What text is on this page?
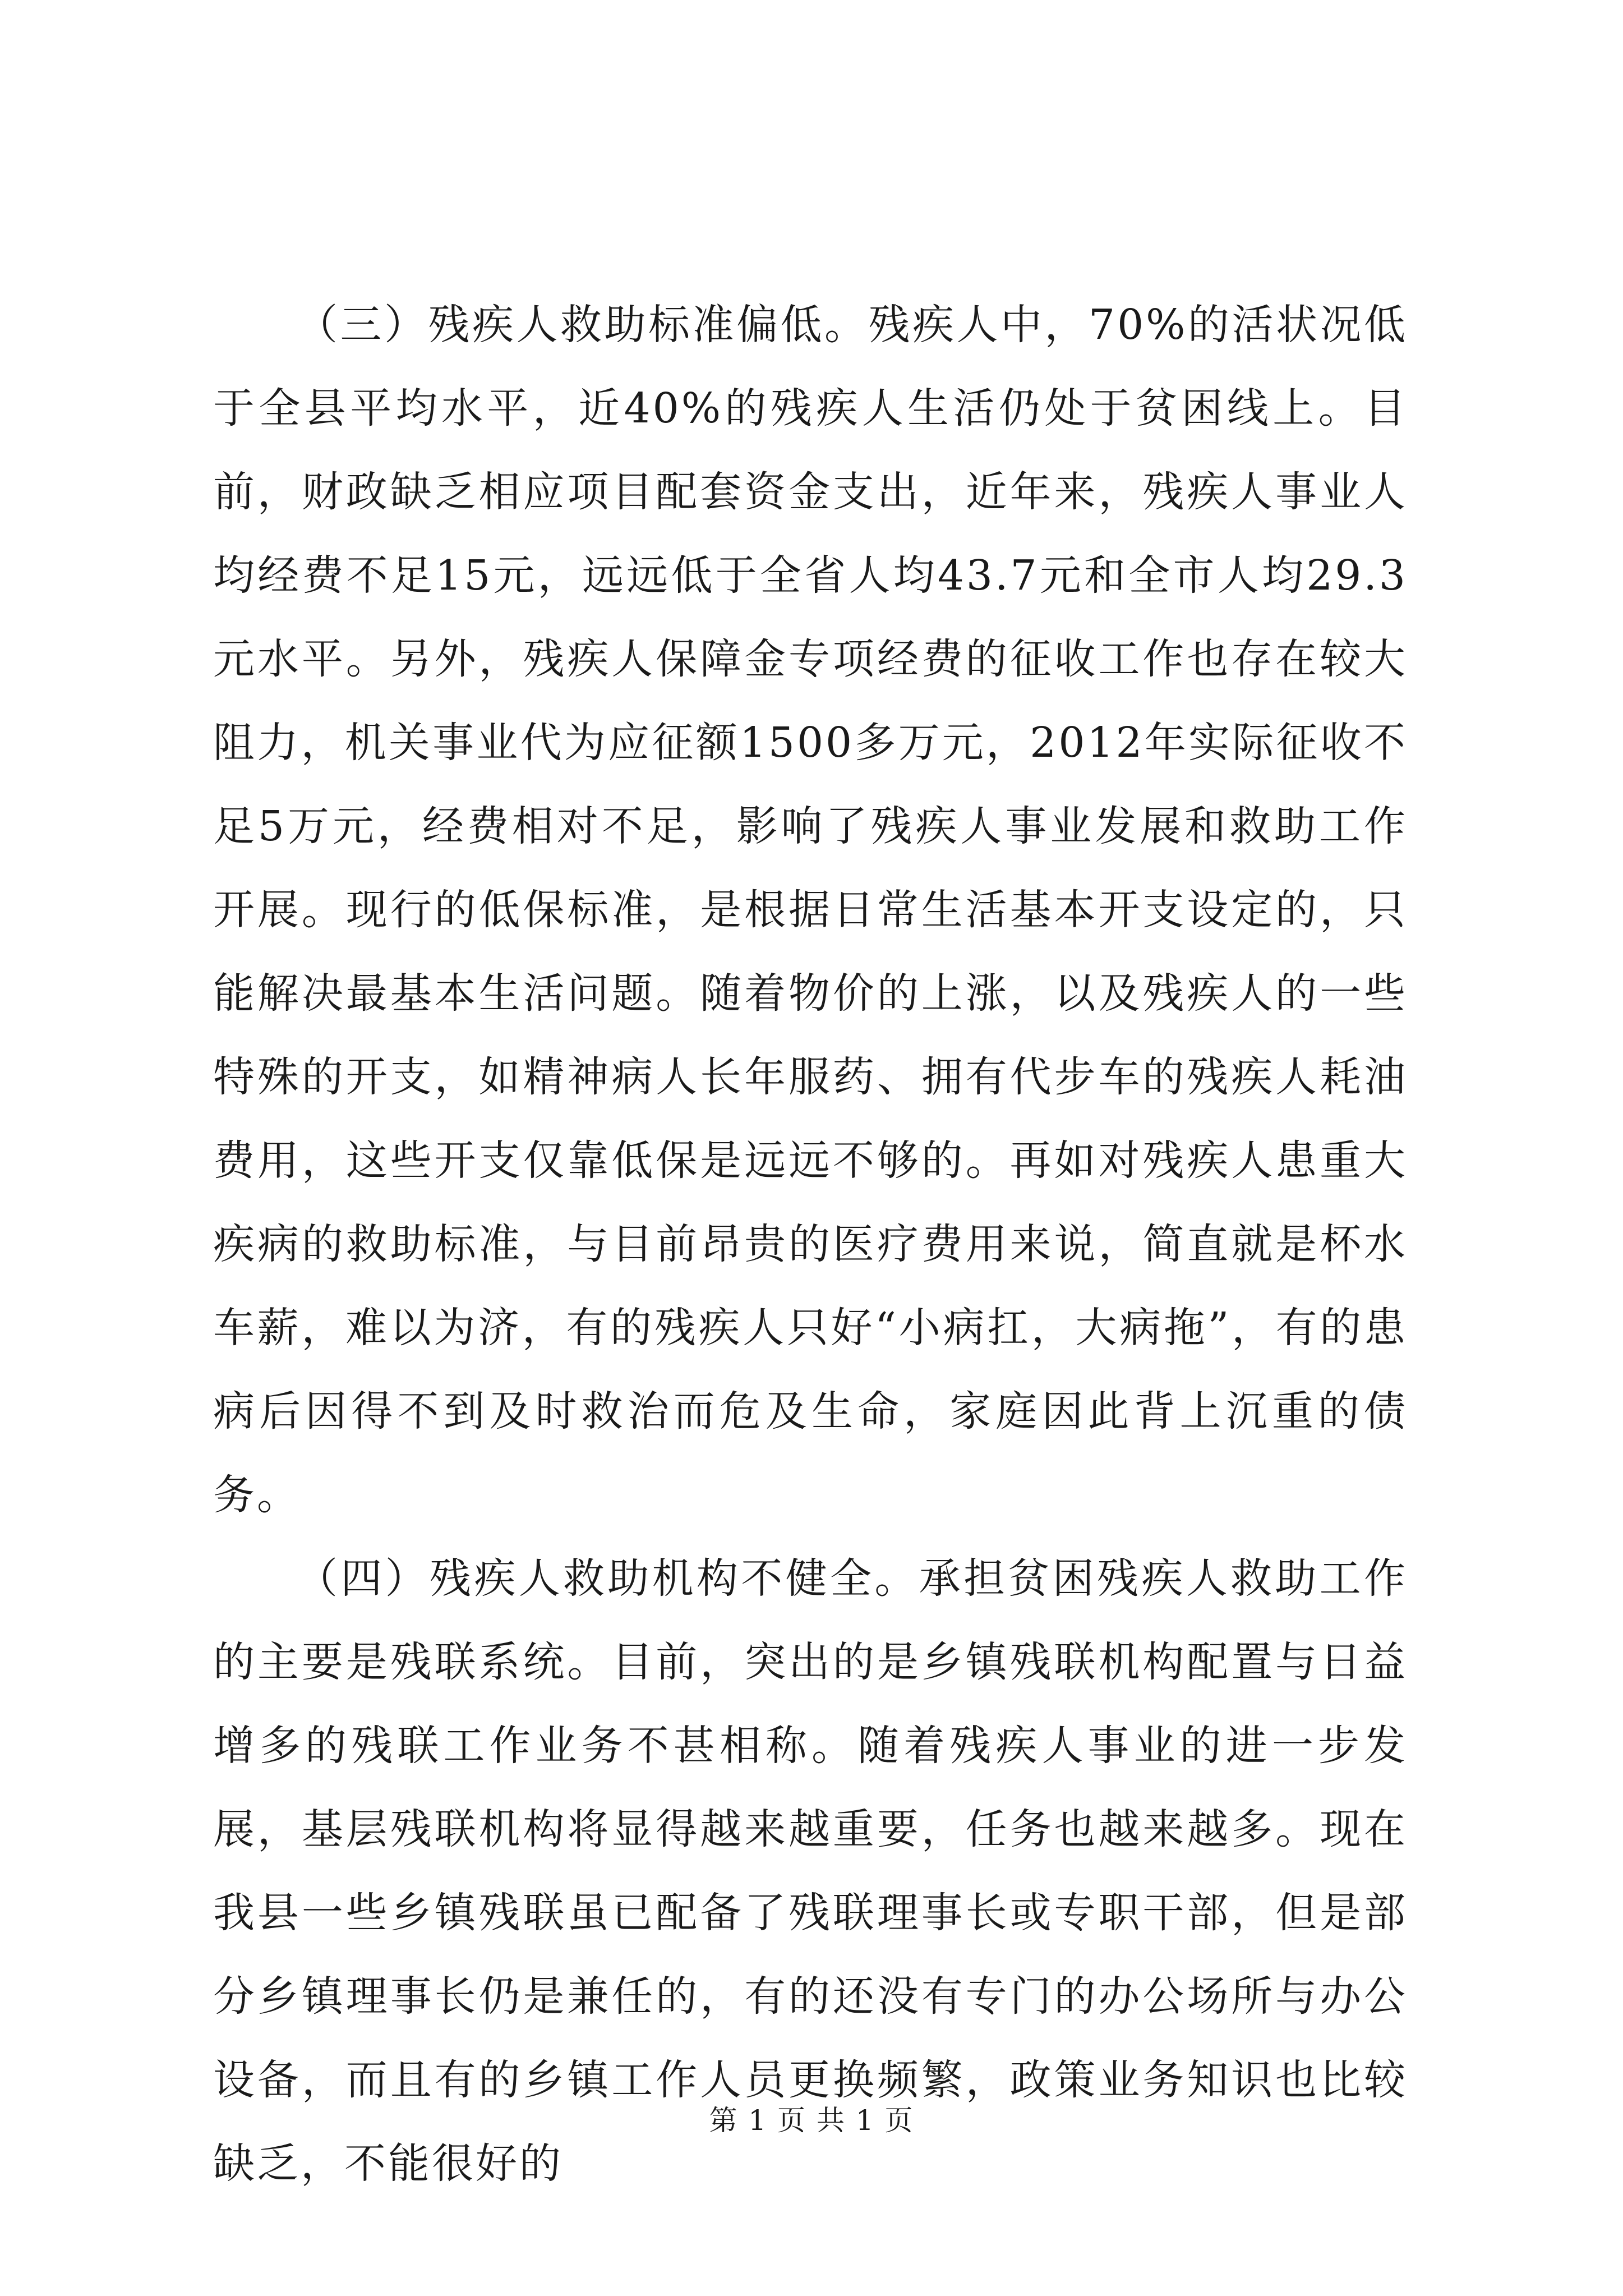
（三）残疾人救助标准偏低。残疾人中，70%的活状况低于全县平均水平，近40%的残疾人生活仍处于贫困线上。目前，财政缺乏相应项目配套资金支出，近年来，残疾人事业人均经费不足15元，远远低于全省人均43.7元和全市人均29.3元水平。另外，残疾人保障金专项经费的征收工作也存在较大阻力，机关事业代为应征额1500多万元，2012年实际征收不足5万元，经费相对不足，影响了残疾人事业发展和救助工作开展。现行的低保标准，是根据日常生活基本开支设定的，只能解决最基本生活问题。随着物价的上涨，以及残疾人的一些特殊的开支，如精神病人长年服药、拥有代步车的残疾人耗油费用，这些开支仅靠低保是远远不够的。再如对残疾人患重大疾病的救助标准，与目前昂贵的医疗费用来说，简直就是杯水车薪，难以为济，有的残疾人只好“小病扛，大病拖”，有的患病后因得不到及时救治而危及生命，家庭因此背上沉重的债务。

（四）残疾人救助机构不健全。承担贫困残疾人救助工作的主要是残联系统。目前，突出的是乡镇残联机构配置与日益增多的残联工作业务不甚相称。随着残疾人事业的进一步发展，基层残联机构将显得越来越重要，任务也越来越多。现在我县一些乡镇残联虽已配备了残联理事长或专职干部，但是部分乡镇理事长仍是兼任的，有的还没有专门的办公场所与办公设备，而且有的乡镇工作人员更换频繁，政策业务知识也比较缺乏，不能很好的

第 1 页 共 1 页
